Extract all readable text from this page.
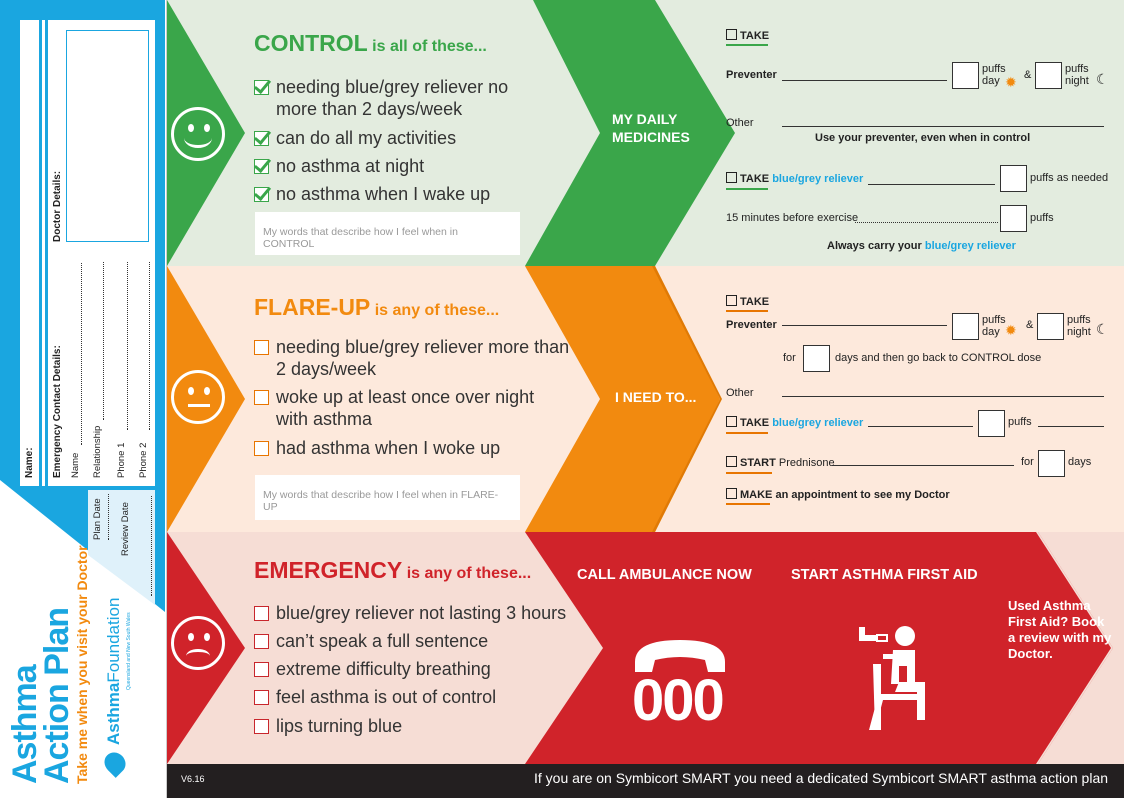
Name: Emergency Contact Details: Name Relationship Phone 1 Phone 2
Doctor Details:
Plan Date Review Date
Asthma
Action Plan
Take me when you visit your Doctor AsthmaFoundation Queensland and New South Wales
CONTROL is all of these...
needing blue/grey reliever no more than 2 days/week
can do all my activities
no asthma at night
no asthma when I wake up
My words that describe how I feel when in CONTROL
MY DAILY
MEDICINES
TAKE
Preventer	puffs day ✹ &	puffs night ☾
Other
Use your preventer, even when in control
TAKE blue/grey reliever	puffs as needed
15 minutes before exercise	puffs
Always carry your blue/grey reliever
FLARE-UP is any of these...
needing blue/grey reliever more than 2 days/week
woke up at least once over night with asthma
had asthma when I woke up
My words that describe how I feel when in FLARE-UP
I NEED TO...
TAKE
Preventer	puffs day ✹ &	puffs night ☾
for	days and then go back to CONTROL dose
Other
TAKE blue/grey reliever	puffs
START Prednisone	for	days
MAKE an appointment to see my Doctor
EMERGENCY is any of these...
blue/grey reliever not lasting 3 hours
can’t speak a full sentence
extreme difficulty breathing
feel asthma is out of control
lips turning blue
CALL AMBULANCE NOW	START ASTHMA FIRST AID
000
Used Asthma First Aid? Book a review with my Doctor.
V6.16	If you are on Symbicort SMART you need a dedicated Symbicort SMART asthma action plan
